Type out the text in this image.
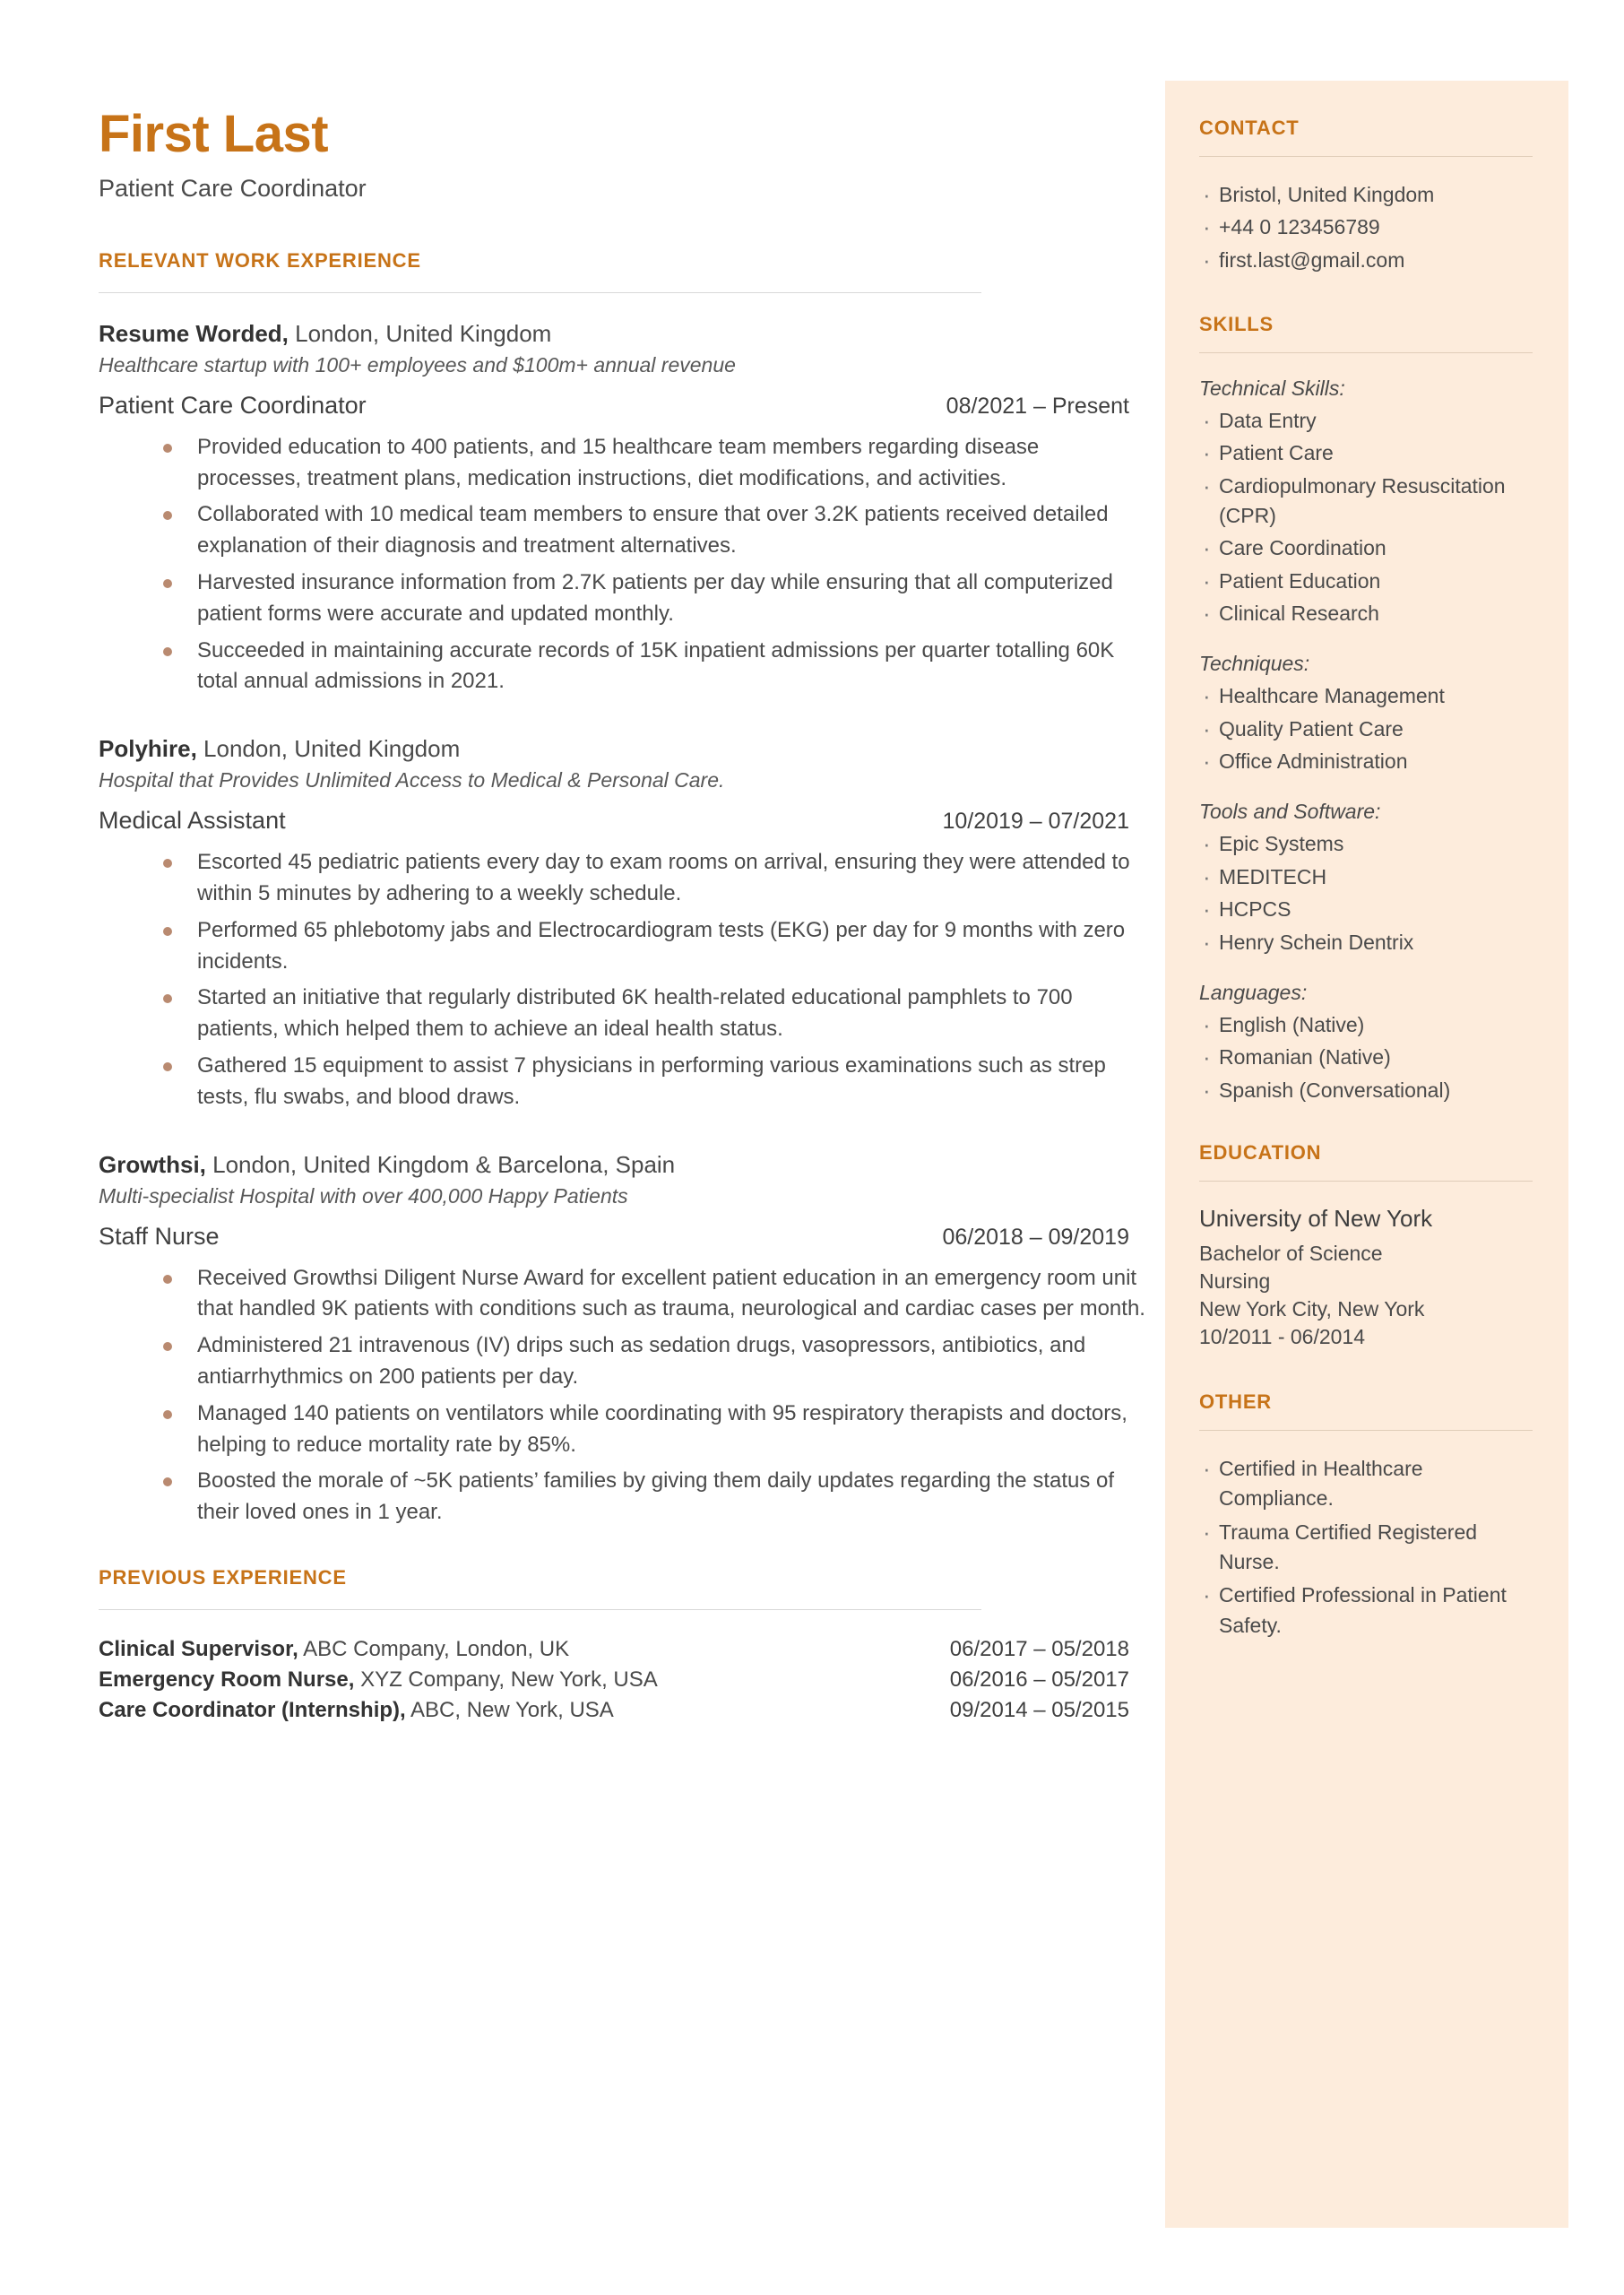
CONTACT
· Bristol, United Kingdom
· +44 0 123456789
· first.last@gmail.com
SKILLS
Technical Skills:
· Data Entry
· Patient Care
· Cardiopulmonary Resuscitation (CPR)
· Care Coordination
· Patient Education
· Clinical Research
Techniques:
· Healthcare Management
· Quality Patient Care
· Office Administration
Tools and Software:
· Epic Systems
· MEDITECH
· HCPCS
· Henry Schein Dentrix
Languages:
· English (Native)
· Romanian (Native)
· Spanish (Conversational)
EDUCATION
University of New York
Bachelor of Science
Nursing
New York City, New York
10/2011 - 06/2014
OTHER
· Certified in Healthcare Compliance.
· Trauma Certified Registered Nurse.
· Certified Professional in Patient Safety.
First Last
Patient Care Coordinator
RELEVANT WORK EXPERIENCE
Resume Worded, London, United Kingdom
Healthcare startup with 100+ employees and $100m+ annual revenue
Patient Care Coordinator	08/2021 – Present
Provided education to 400 patients, and 15 healthcare team members regarding disease processes, treatment plans, medication instructions, diet modifications, and activities.
Collaborated with 10 medical team members to ensure that over 3.2K patients received detailed explanation of their diagnosis and treatment alternatives.
Harvested insurance information from 2.7K patients per day while ensuring that all computerized patient forms were accurate and updated monthly.
Succeeded in maintaining accurate records of 15K inpatient admissions per quarter totalling 60K total annual admissions in 2021.
Polyhire, London, United Kingdom
Hospital that Provides Unlimited Access to Medical & Personal Care.
Medical Assistant	10/2019 – 07/2021
Escorted 45 pediatric patients every day to exam rooms on arrival, ensuring they were attended to within 5 minutes by adhering to a weekly schedule.
Performed 65 phlebotomy jabs and Electrocardiogram tests (EKG) per day for 9 months with zero incidents.
Started an initiative that regularly distributed 6K health-related educational pamphlets to 700 patients, which helped them to achieve an ideal health status.
Gathered 15 equipment to assist 7 physicians in performing various examinations such as strep tests, flu swabs, and blood draws.
Growthsi, London, United Kingdom & Barcelona, Spain
Multi-specialist Hospital with over 400,000 Happy Patients
Staff Nurse	06/2018 – 09/2019
Received Growthsi Diligent Nurse Award for excellent patient education in an emergency room unit that handled 9K patients with conditions such as trauma, neurological and cardiac cases per month.
Administered 21 intravenous (IV) drips such as sedation drugs, vasopressors, antibiotics, and antiarrhythmics on 200 patients per day.
Managed 140 patients on ventilators while coordinating with 95 respiratory therapists and doctors, helping to reduce mortality rate by 85%.
Boosted the morale of ~5K patients’ families by giving them daily updates regarding the status of their loved ones in 1 year.
PREVIOUS EXPERIENCE
Clinical Supervisor, ABC Company, London, UK	06/2017 – 05/2018
Emergency Room Nurse, XYZ Company, New York, USA	06/2016 – 05/2017
Care Coordinator (Internship), ABC, New York, USA	09/2014 – 05/2015
